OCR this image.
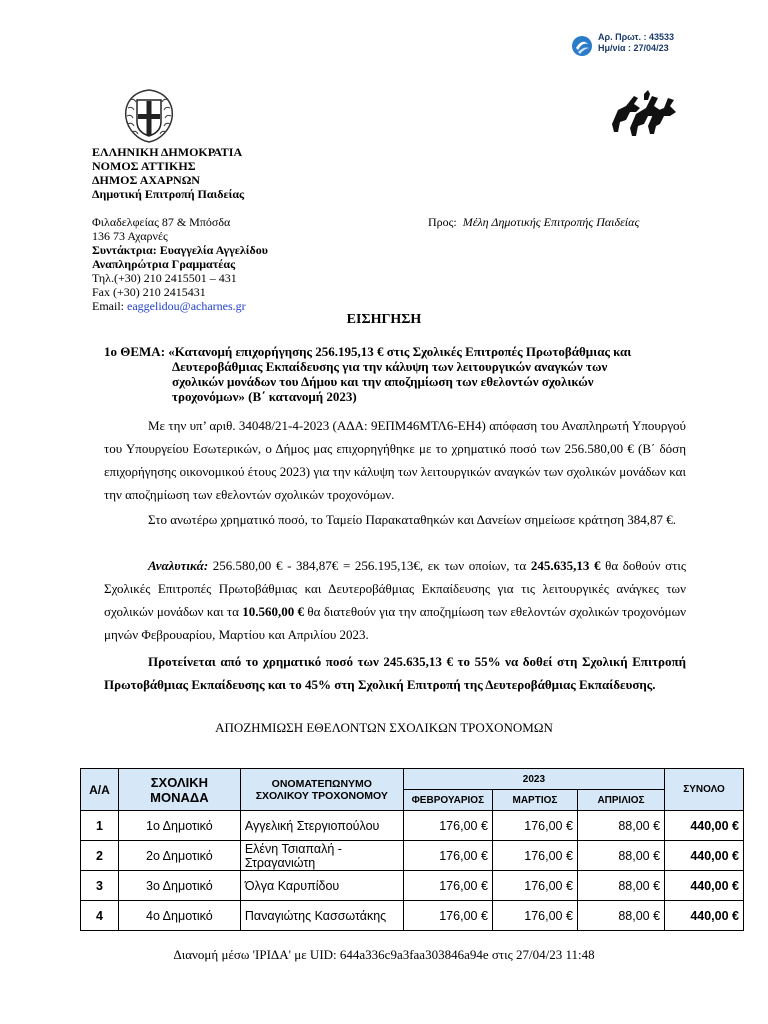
Αρ. Πρωτ. : 43533
Ημ/νία : 27/04/23
ΕΛΛΗΝΙΚΗ ΔΗΜΟΚΡΑΤΙΑ
ΝΟΜΟΣ ΑΤΤΙΚΗΣ
ΔΗΜΟΣ ΑΧΑΡΝΩΝ
Δημοτική Επιτροπή Παιδείας
Φιλαδελφείας 87 & Μπόσδα
136 73 Αχαρνές
Συντάκτρια: Ευαγγελία Αγγελίδου
Αναπληρώτρια Γραμματέας
Τηλ.(+30) 210 2415501 – 431
Fax (+30) 210 2415431
Email: eaggelidou@acharnes.gr
Προς: Μέλη Δημοτικής Επιτροπής Παιδείας
ΕΙΣΗΓΗΣΗ
1ο ΘΕΜΑ: «Κατανομή επιχορήγησης 256.195,13 € στις Σχολικές Επιτροπές Πρωτοβάθμιας και
Δευτεροβάθμιας Εκπαίδευσης για την κάλυψη των λειτουργικών αναγκών των
σχολικών μονάδων του Δήμου και την αποζημίωση των εθελοντών σχολικών
τροχονόμων» (Β΄ κατανομή 2023)
Με την υπ’ αριθ. 34048/21-4-2023 (ΑΔΑ: 9ΕΠΜ46ΜΤΛ6-ΕΗ4) απόφαση του Αναπληρωτή Υπουργού του Υπουργείου Εσωτερικών, ο Δήμος μας επιχορηγήθηκε με το χρηματικό ποσό των 256.580,00 € (Β΄ δόση επιχορήγησης οικονομικού έτους 2023) για την κάλυψη των λειτουργικών αναγκών των σχολικών μονάδων και την αποζημίωση των εθελοντών σχολικών τροχονόμων.
Στο ανωτέρω χρηματικό ποσό, το Ταμείο Παρακαταθηκών και Δανείων σημείωσε κράτηση 384,87 €.
Αναλυτικά: 256.580,00 € - 384,87€ = 256.195,13€, εκ των οποίων, τα 245.635,13 € θα δοθούν στις Σχολικές Επιτροπές Πρωτοβάθμιας και Δευτεροβάθμιας Εκπαίδευσης για τις λειτουργικές ανάγκες των σχολικών μονάδων και τα 10.560,00 € θα διατεθούν για την αποζημίωση των εθελοντών σχολικών τροχονόμων μηνών Φεβρουαρίου, Μαρτίου και Απριλίου 2023.
Προτείνεται από το χρηματικό ποσό των 245.635,13 € το 55% να δοθεί στη Σχολική Επιτροπή Πρωτοβάθμιας Εκπαίδευσης και το 45% στη Σχολική Επιτροπή της Δευτεροβάθμιας Εκπαίδευσης.
ΑΠΟΖΗΜΙΩΣΗ ΕΘΕΛΟΝΤΩΝ ΣΧΟΛΙΚΩΝ ΤΡΟΧΟΝΟΜΩΝ
Α/Α	ΣΧΟΛΙΚΗ ΜΟΝΑΔΑ	ΟΝΟΜΑΤΕΠΩΝΥΜΟ ΣΧΟΛΙΚΟΥ ΤΡΟΧΟΝΟΜΟΥ	2023			ΣΥΝΟΛΟ
			ΦΕΒΡΟΥΑΡΙΟΣ	ΜΑΡΤΙΟΣ	ΑΠΡΙΛΙΟΣ	
1	1ο Δημοτικό	Αγγελική Στεργιοπούλου	176,00 €	176,00 €	88,00 €	440,00 €
2	2ο Δημοτικό	Ελένη Τσιαπαλή - Στραγανιώτη	176,00 €	176,00 €	88,00 €	440,00 €
3	3ο Δημοτικό	Όλγα Καρυπίδου	176,00 €	176,00 €	88,00 €	440,00 €
4	4ο Δημοτικό	Παναγιώτης Κασσωτάκης	176,00 €	176,00 €	88,00 €	440,00 €
Διανομή μέσω 'ΙΡΙΔΑ' με UID: 644a336c9a3faa303846a94e στις 27/04/23 11:48
